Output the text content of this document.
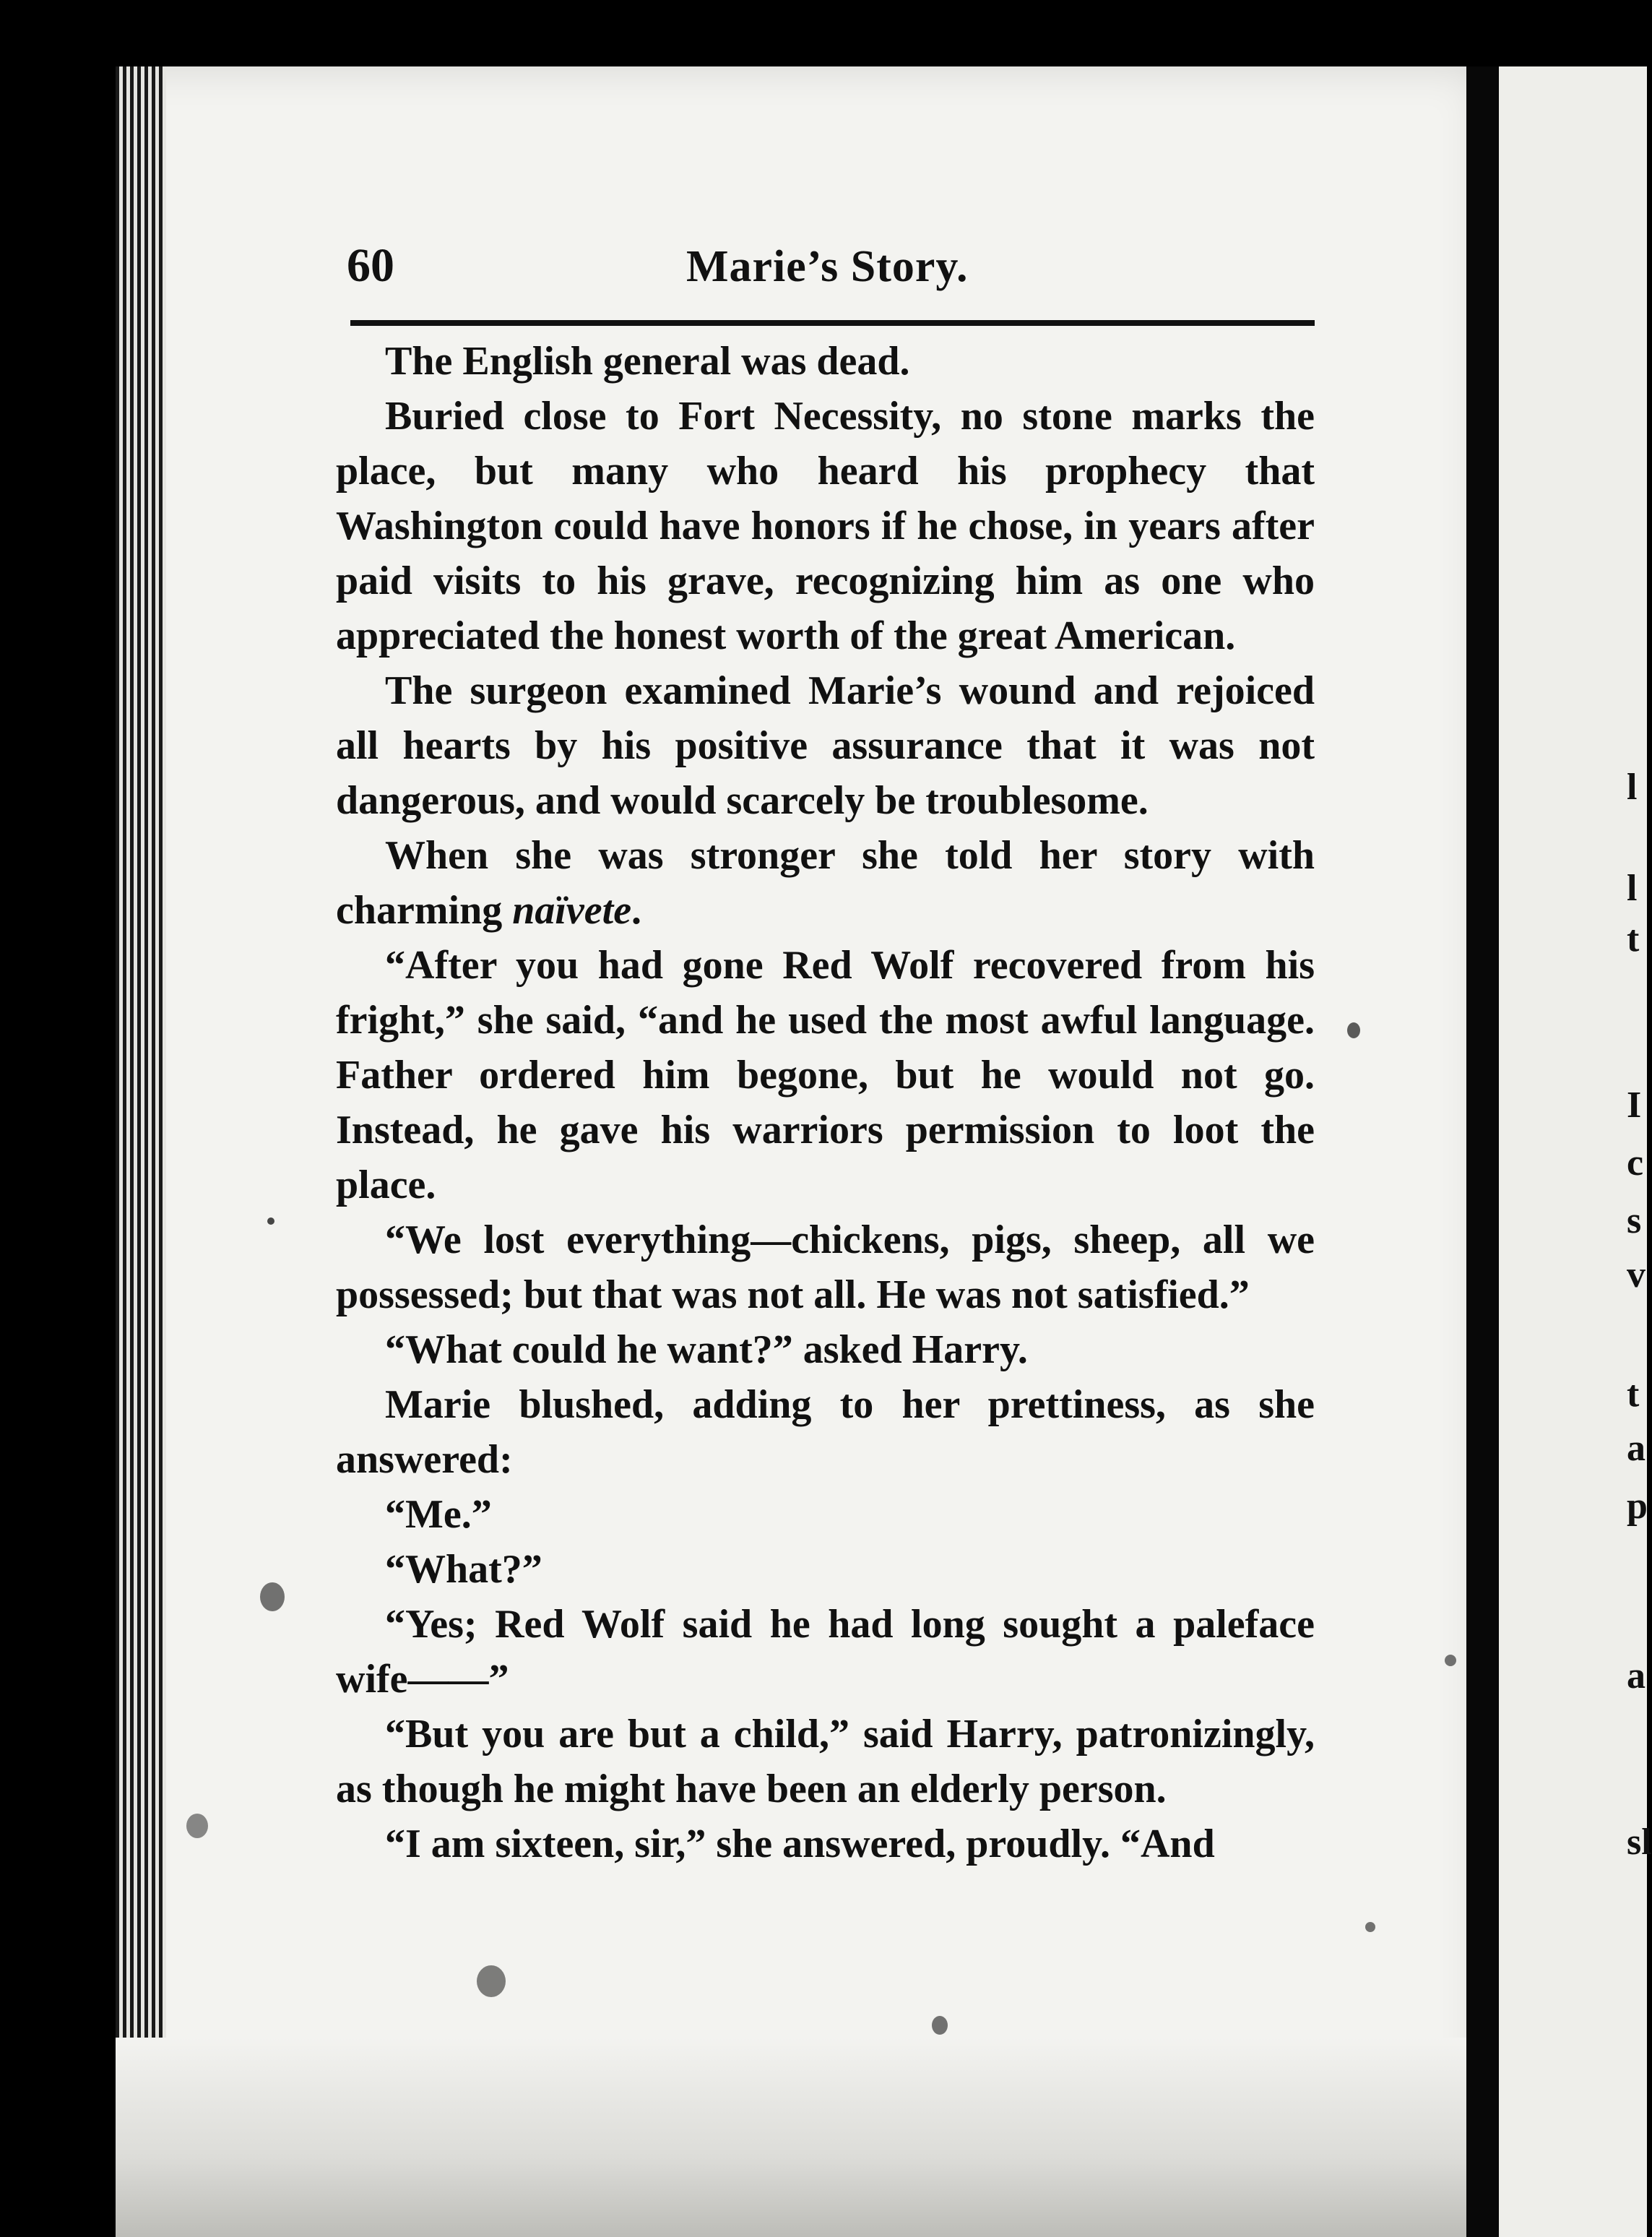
l
l
t
I
c
s
v
t
a
p
a
sl
60	Marie’s Story.

The English general was dead.

Buried close to Fort Necessity, no stone marks the place, but many who heard his prophecy that Washington could have honors if he chose, in years after paid visits to his grave, recognizing him as one who appreciated the honest worth of the great American.

The surgeon examined Marie’s wound and rejoiced all hearts by his positive assurance that it was not dangerous, and would scarcely be troublesome.

When she was stronger she told her story with charming naïvete.

“After you had gone Red Wolf recovered from his fright,” she said, “and he used the most awful language. Father ordered him begone, but he would not go. Instead, he gave his warriors permission to loot the place.

“We lost everything—chickens, pigs, sheep, all we possessed; but that was not all. He was not satisfied.”

“What could he want?” asked Harry.

Marie blushed, adding to her prettiness, as she answered:

“Me.”

“What?”

“Yes; Red Wolf said he had long sought a paleface wife——”

“But you are but a child,” said Harry, patronizingly, as though he might have been an elderly person.

“I am sixteen, sir,” she answered, proudly. “And
